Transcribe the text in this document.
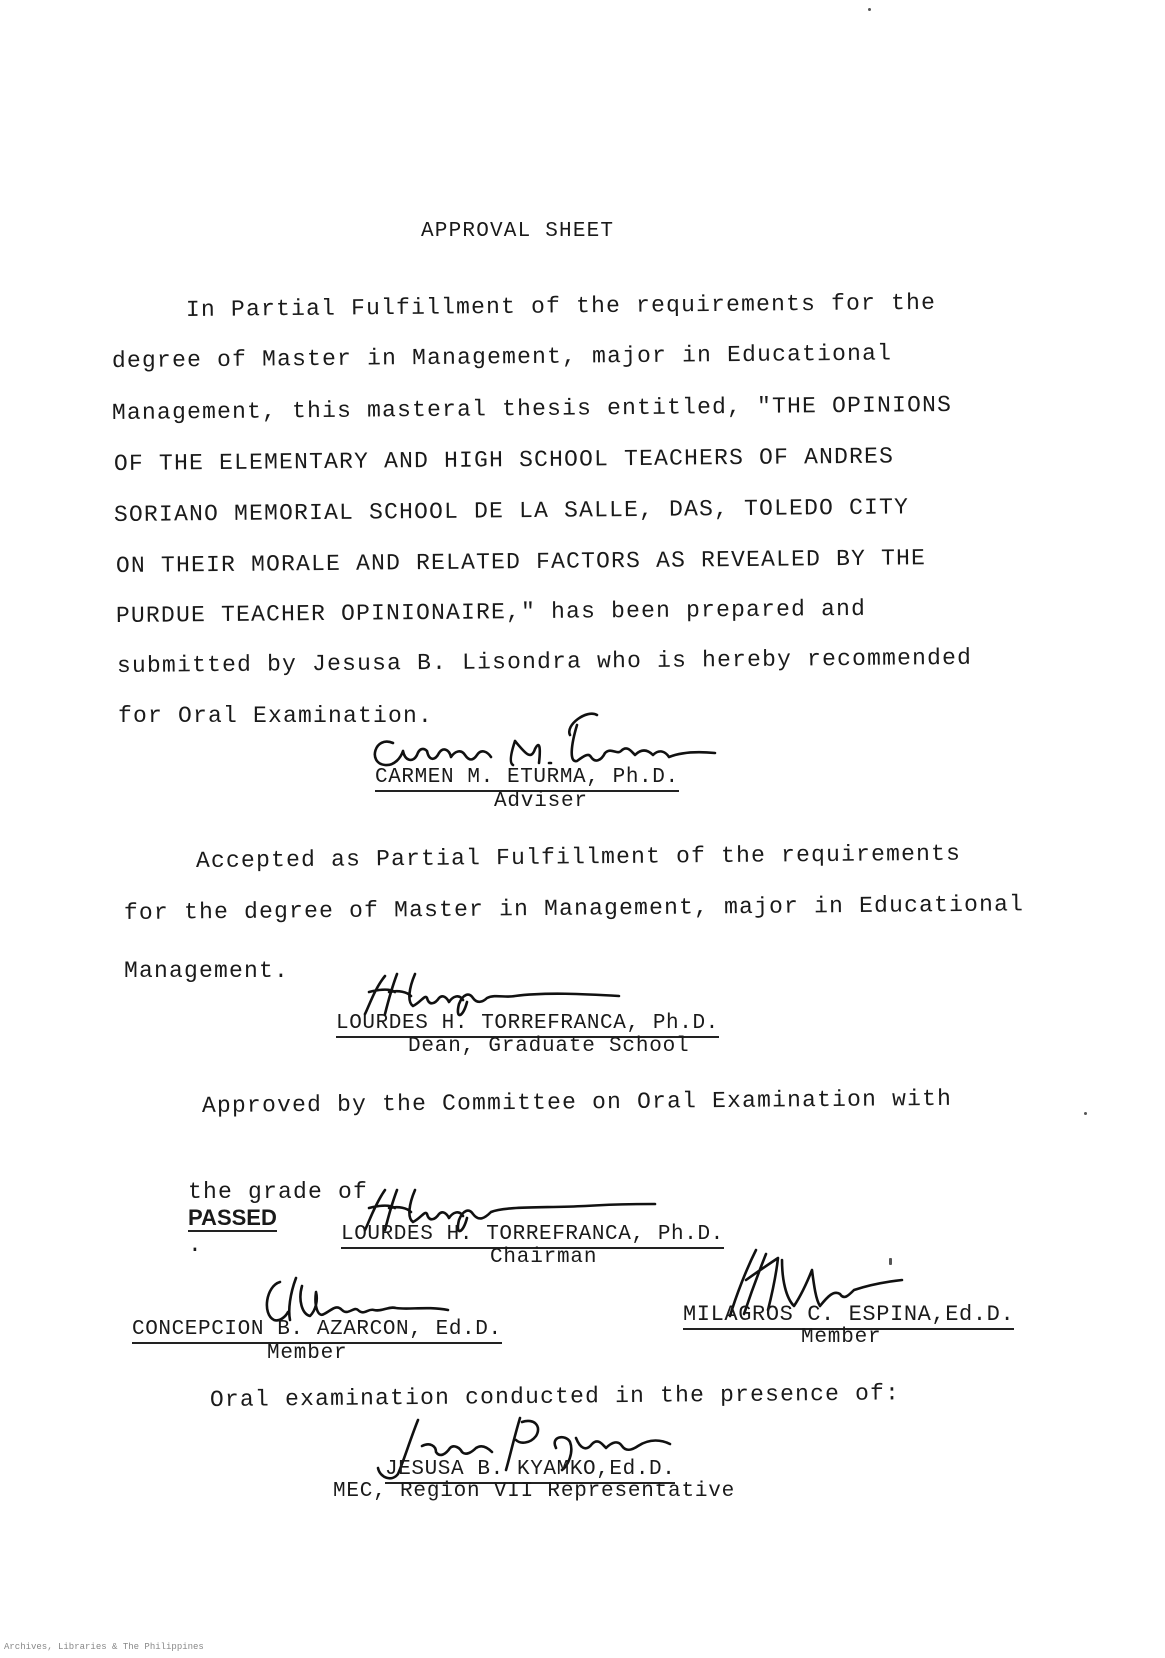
APPROVAL SHEET
In Partial Fulfillment of the requirements for the
degree of Master in Management, major in Educational
Management, this masteral thesis entitled, "THE OPINIONS
OF THE ELEMENTARY AND HIGH SCHOOL TEACHERS OF ANDRES
SORIANO MEMORIAL SCHOOL DE LA SALLE, DAS, TOLEDO CITY
ON THEIR MORALE AND RELATED FACTORS AS REVEALED BY THE
PURDUE TEACHER OPINIONAIRE," has been prepared and
submitted by Jesusa B. Lisondra who is hereby recommended
for Oral Examination.
CARMEN M. ETURMA, Ph.D.
Adviser
Accepted as Partial Fulfillment of the requirements
for the degree of Master in Management, major in Educational
Management.
LOURDES H. TORREFRANCA, Ph.D.
Dean, Graduate School
Approved by the Committee on Oral Examination with

the grade of
PASSED
.
	LOURDES H. TORREFRANCA, Ph.D.
Chairman
CONCEPCION B. AZARCON, Ed.D.
Member
MILAGROS C. ESPINA,Ed.D.
Member
Oral examination conducted in the presence of:
JESUSA B. KYAMKO,Ed.D.
MEC, Region VII Representative
Archives, Libraries & The Philippines
